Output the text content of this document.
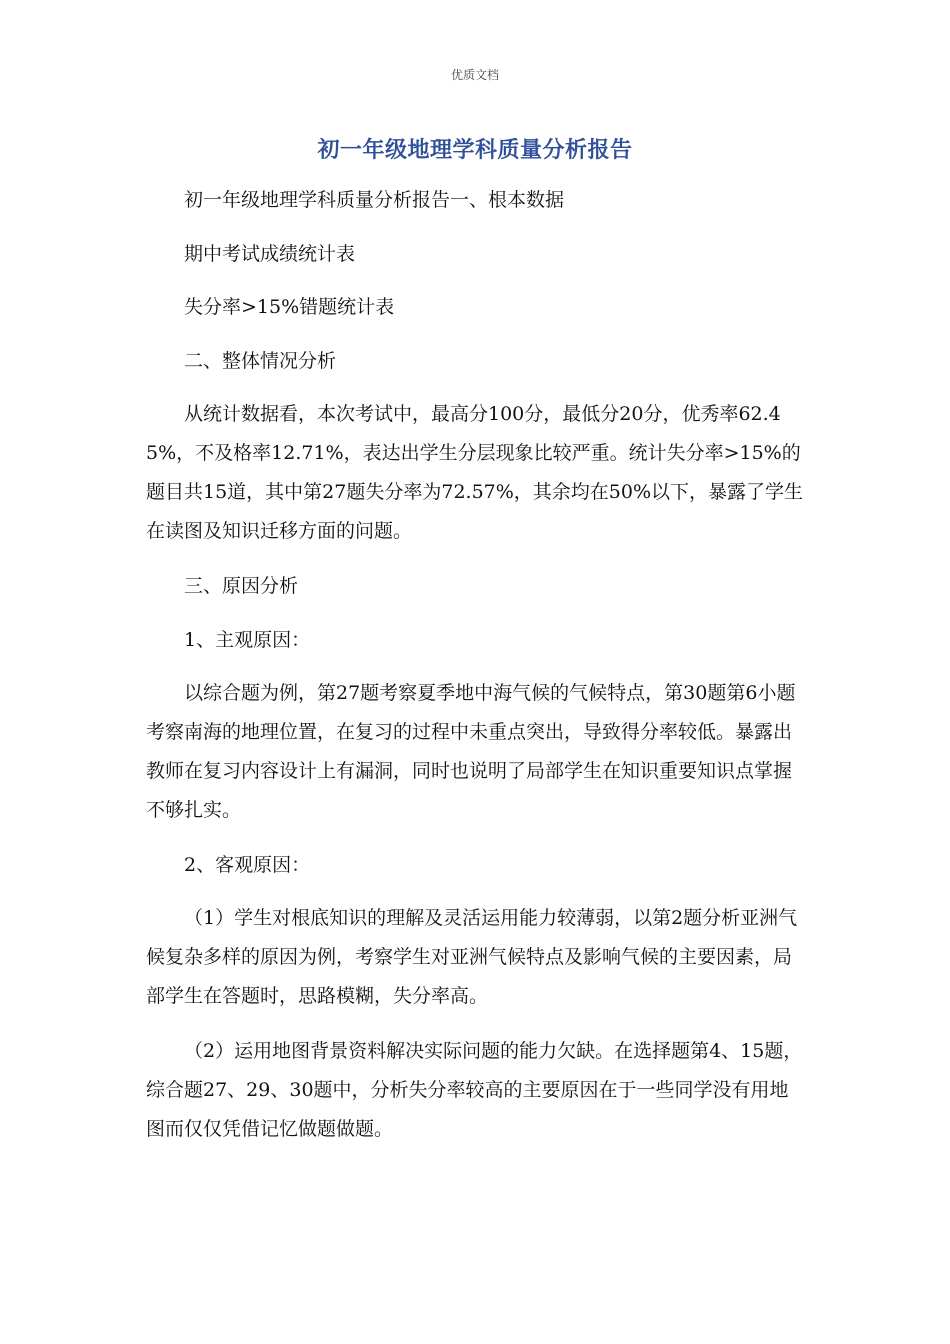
优质文档
初一年级地理学科质量分析报告

初一年级地理学科质量分析报告一、根本数据

期中考试成绩统计表

失分率>15%错题统计表

二、整体情况分析

从统计数据看，本次考试中，最高分100分，最低分20分，优秀率62.45%，不及格率12.71%，表达出学生分层现象比较严重。统计失分率>15%的题目共15道，其中第27题失分率为72.57%，其余均在50%以下，暴露了学生在读图及知识迁移方面的问题。

三、原因分析

1、主观原因：

以综合题为例，第27题考察夏季地中海气候的气候特点，第30题第6小题考察南海的地理位置，在复习的过程中未重点突出，导致得分率较低。暴露出教师在复习内容设计上有漏洞，同时也说明了局部学生在知识重要知识点掌握不够扎实。

2、客观原因：

（1）学生对根底知识的理解及灵活运用能力较薄弱，以第2题分析亚洲气候复杂多样的原因为例，考察学生对亚洲气候特点及影响气候的主要因素，局部学生在答题时，思路模糊，失分率高。

（2）运用地图背景资料解决实际问题的能力欠缺。在选择题第4、15题，综合题27、29、30题中，分析失分率较高的主要原因在于一些同学没有用地图而仅仅凭借记忆做题做题。
